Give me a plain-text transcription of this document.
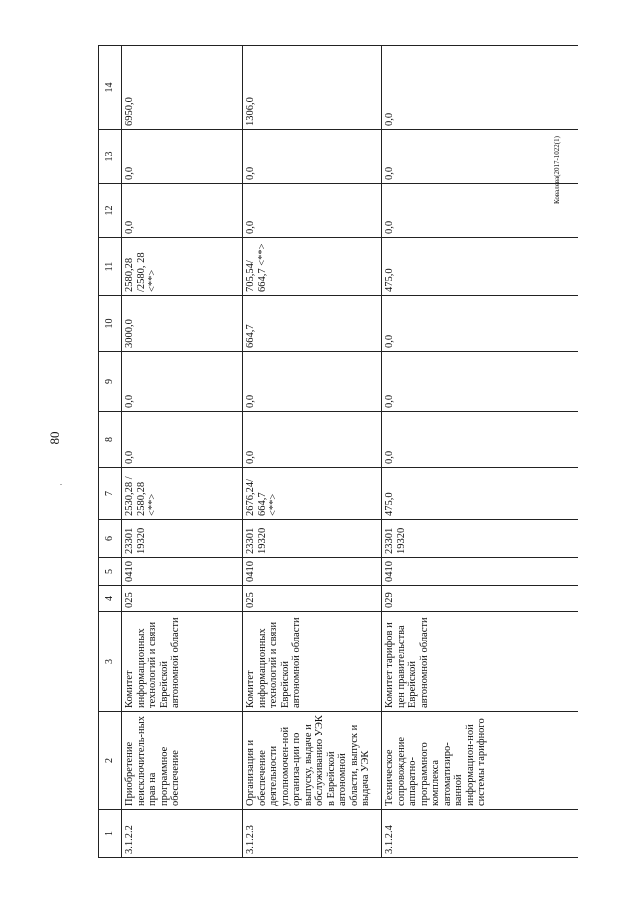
80
·
Ковалева(2017-1022(1)
1	2	3	4	5	6	7	8	9	10	11	12	13	14
3.1.2.2	Приобретение неисключитель-ных прав на программное обеспечение	Комитет информационных технологий и связи Еврейской автономной области	025	0410	23301 19320	2530,28 / 2580,28 <**>	0,0	0,0	3000,0	2580,28 /2580, 28 <**>	0,0	0,0	6950,0
3.1.2.3	Организация и обеспечение деятельности уполномочен-ной организа-ции по выпуску, выдаче и обслуживанию УЭК в Еврейской автономной области, выпуск и выдача УЭК	Комитет информационных технологий и связи Еврейской автономной области	025	0410	23301 19320	2676,24/ 664,7 <**>	0,0	0,0	664,7	705,54/ 664,7 <**>	0,0	0,0	1306,0
3.1.2.4	Техническое сопровождение аппаратно-программного комплекса автоматизиро-ванной информацион-ной системы тарифного	Комитет тарифов и цен правительства Еврейской автономной области	029	0410	23301 19320	475,0	0,0	0,0	0,0	475,0	0,0	0,0	0,0
